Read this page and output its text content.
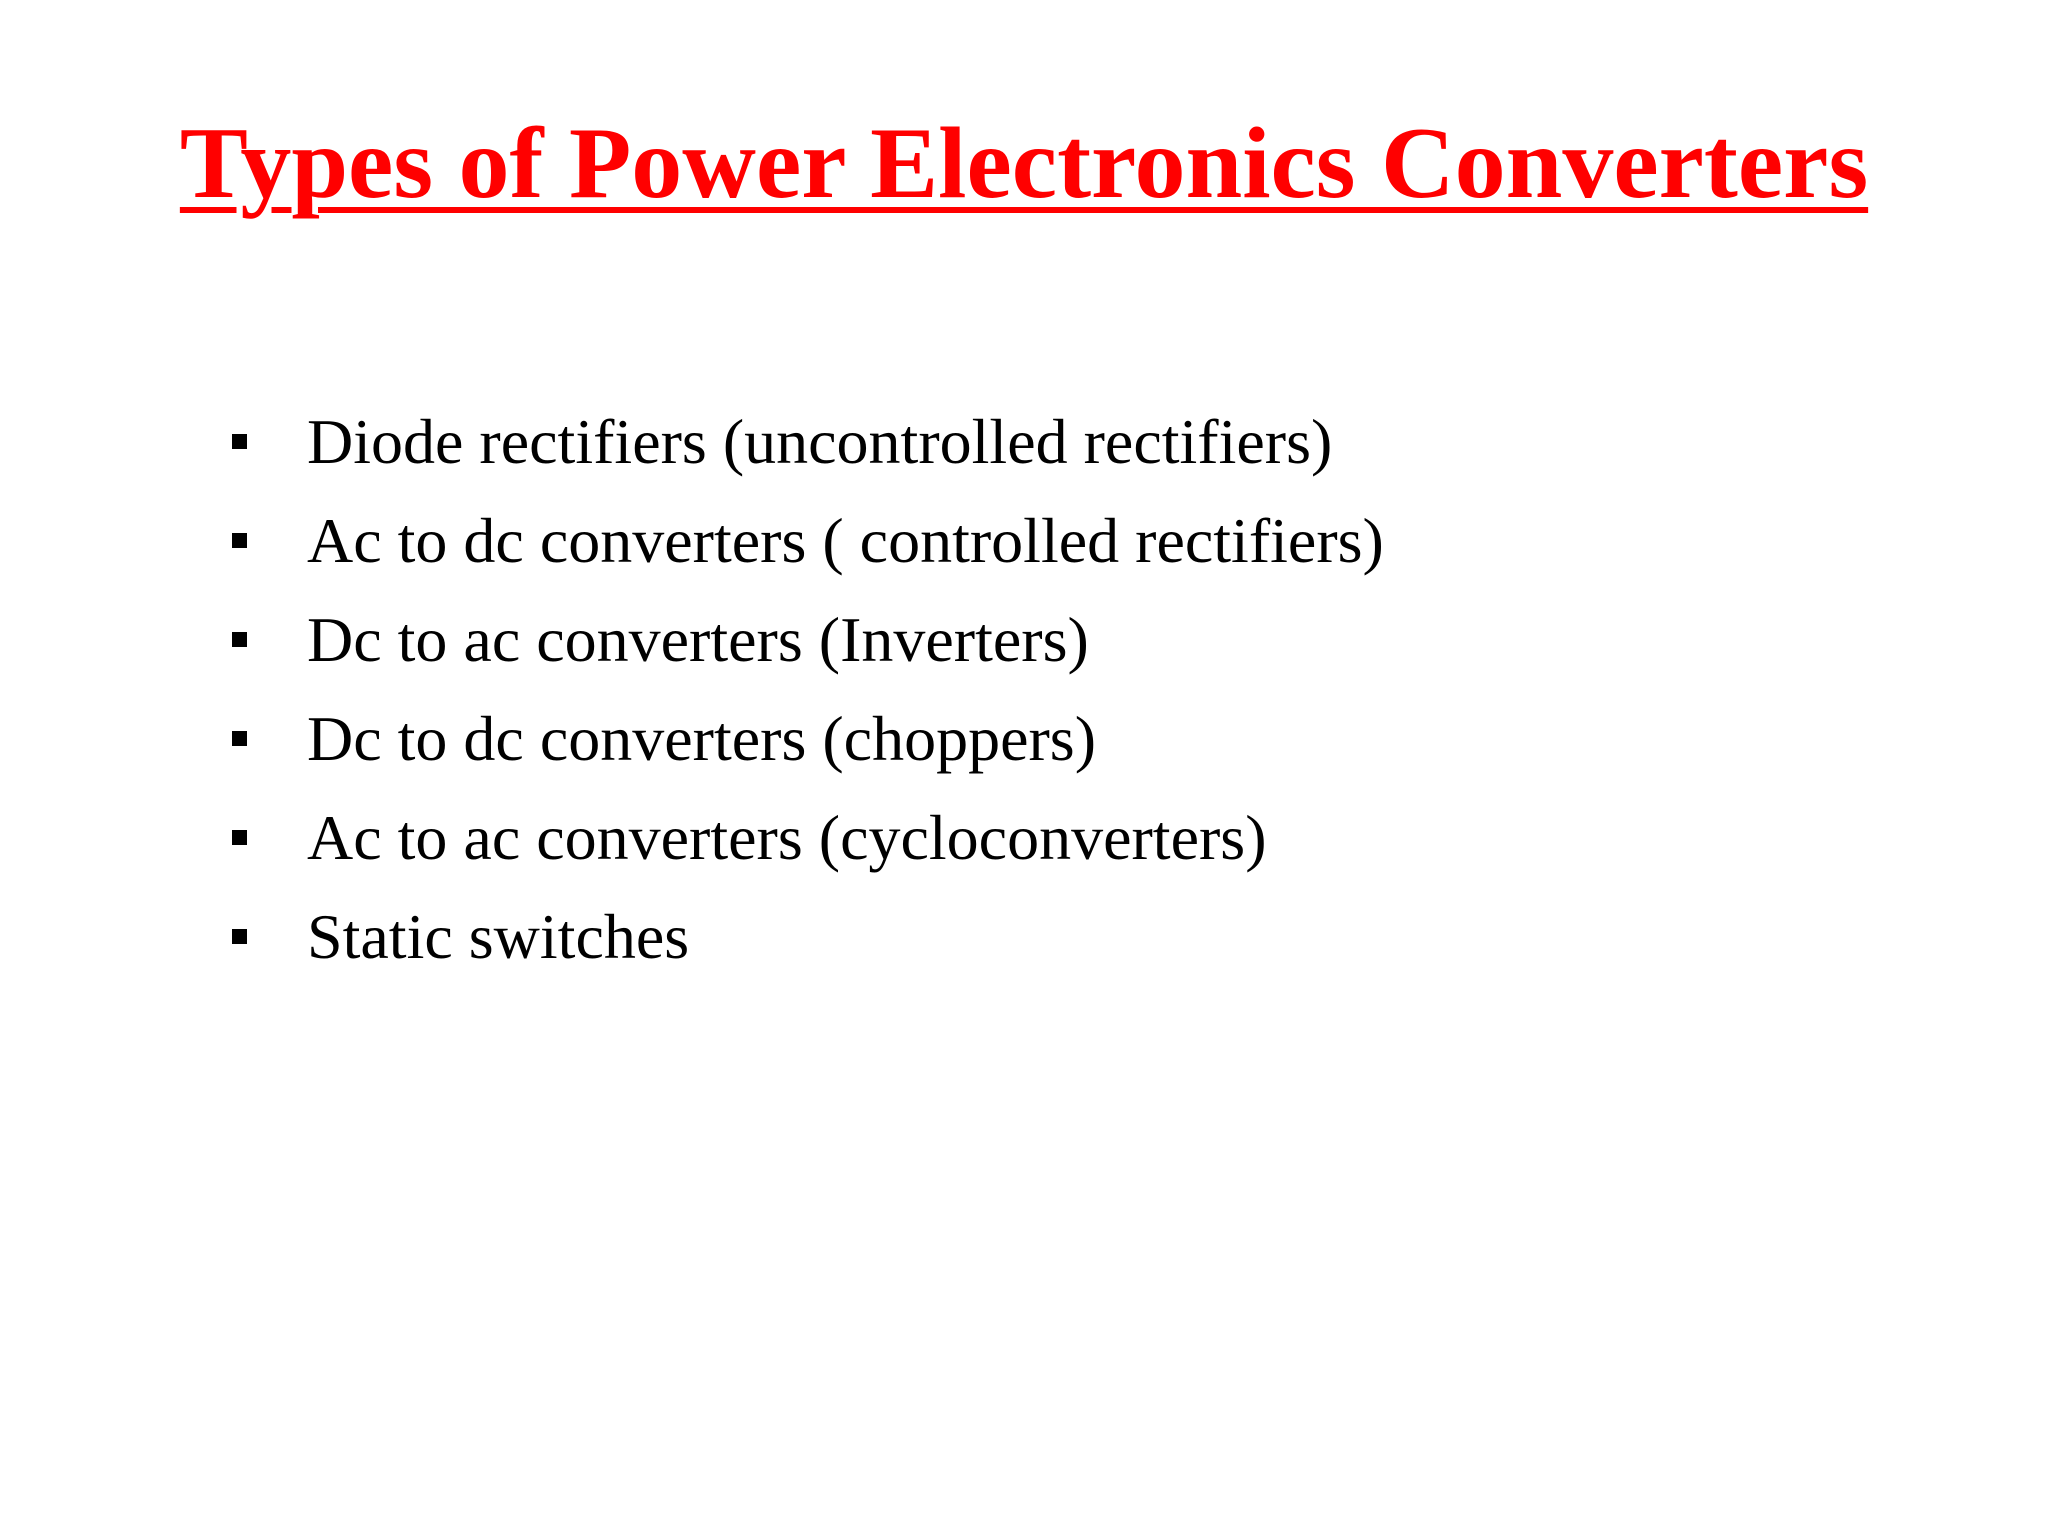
Types of Power Electronics Converters
Diode rectifiers (uncontrolled rectifiers)
Ac to dc converters ( controlled rectifiers)
Dc to ac converters (Inverters)
Dc to dc converters (choppers)
Ac to ac converters (cycloconverters)
Static switches
